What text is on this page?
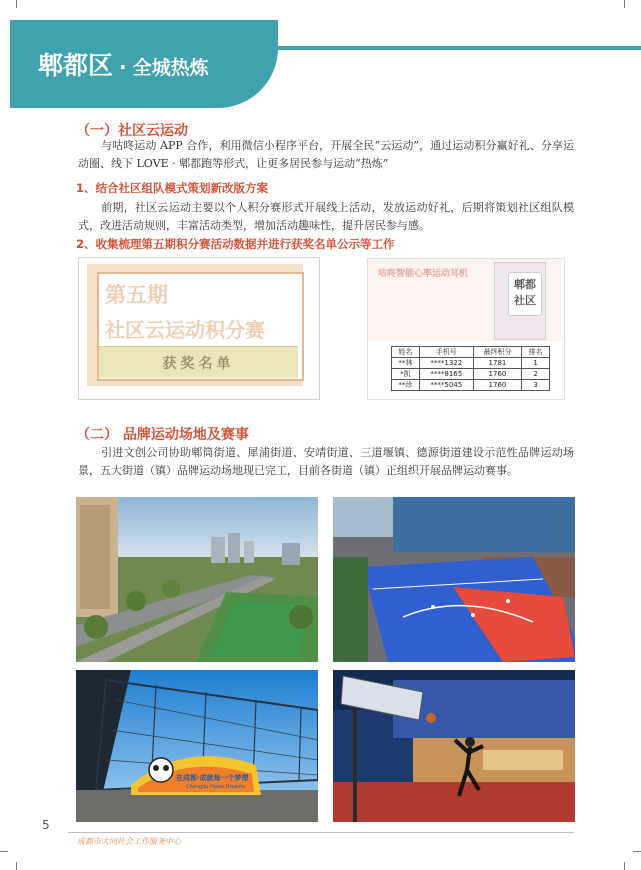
郫都区 · 全城热炼
（一）社区云运动
与咕咚运动 APP 合作，利用微信小程序平台，开展全民“云运动”，通过运动积分赢好礼、分享运动圈、线下 LOVE · 郫都跑等形式，让更多居民参与运动“热炼”
1、结合社区组队模式策划新改版方案
前期，社区云运动主要以个人积分赛形式开展线上活动，发放运动好礼，后期将策划社区组队模式，改进活动规则，丰富活动类型，增加活动趣味性，提升居民参与感。
2、收集梳理第五期积分赛活动数据并进行获奖名单公示等工作
第五期
社区云运动积分赛
获奖名单
咕咚智能心率运动耳机
郫都
社区
姓名	手机号	最终积分	排名
**林	****1322	1781	1
*凯	****8165	1760	2
**珍	****5045	1760	3
（二） 品牌运动场地及赛事
引进文创公司协助郫筒街道、犀浦街道、安靖街道、三道堰镇、德源街道建设示范性品牌运动场景，五大街道（镇）品牌运动场地现已完工，目前各街道（镇）正组织开展品牌运动赛事。
在成都·成就每一个梦想
Chengdu Hosts Dreams
5
成都市大同社会工作服务中心
